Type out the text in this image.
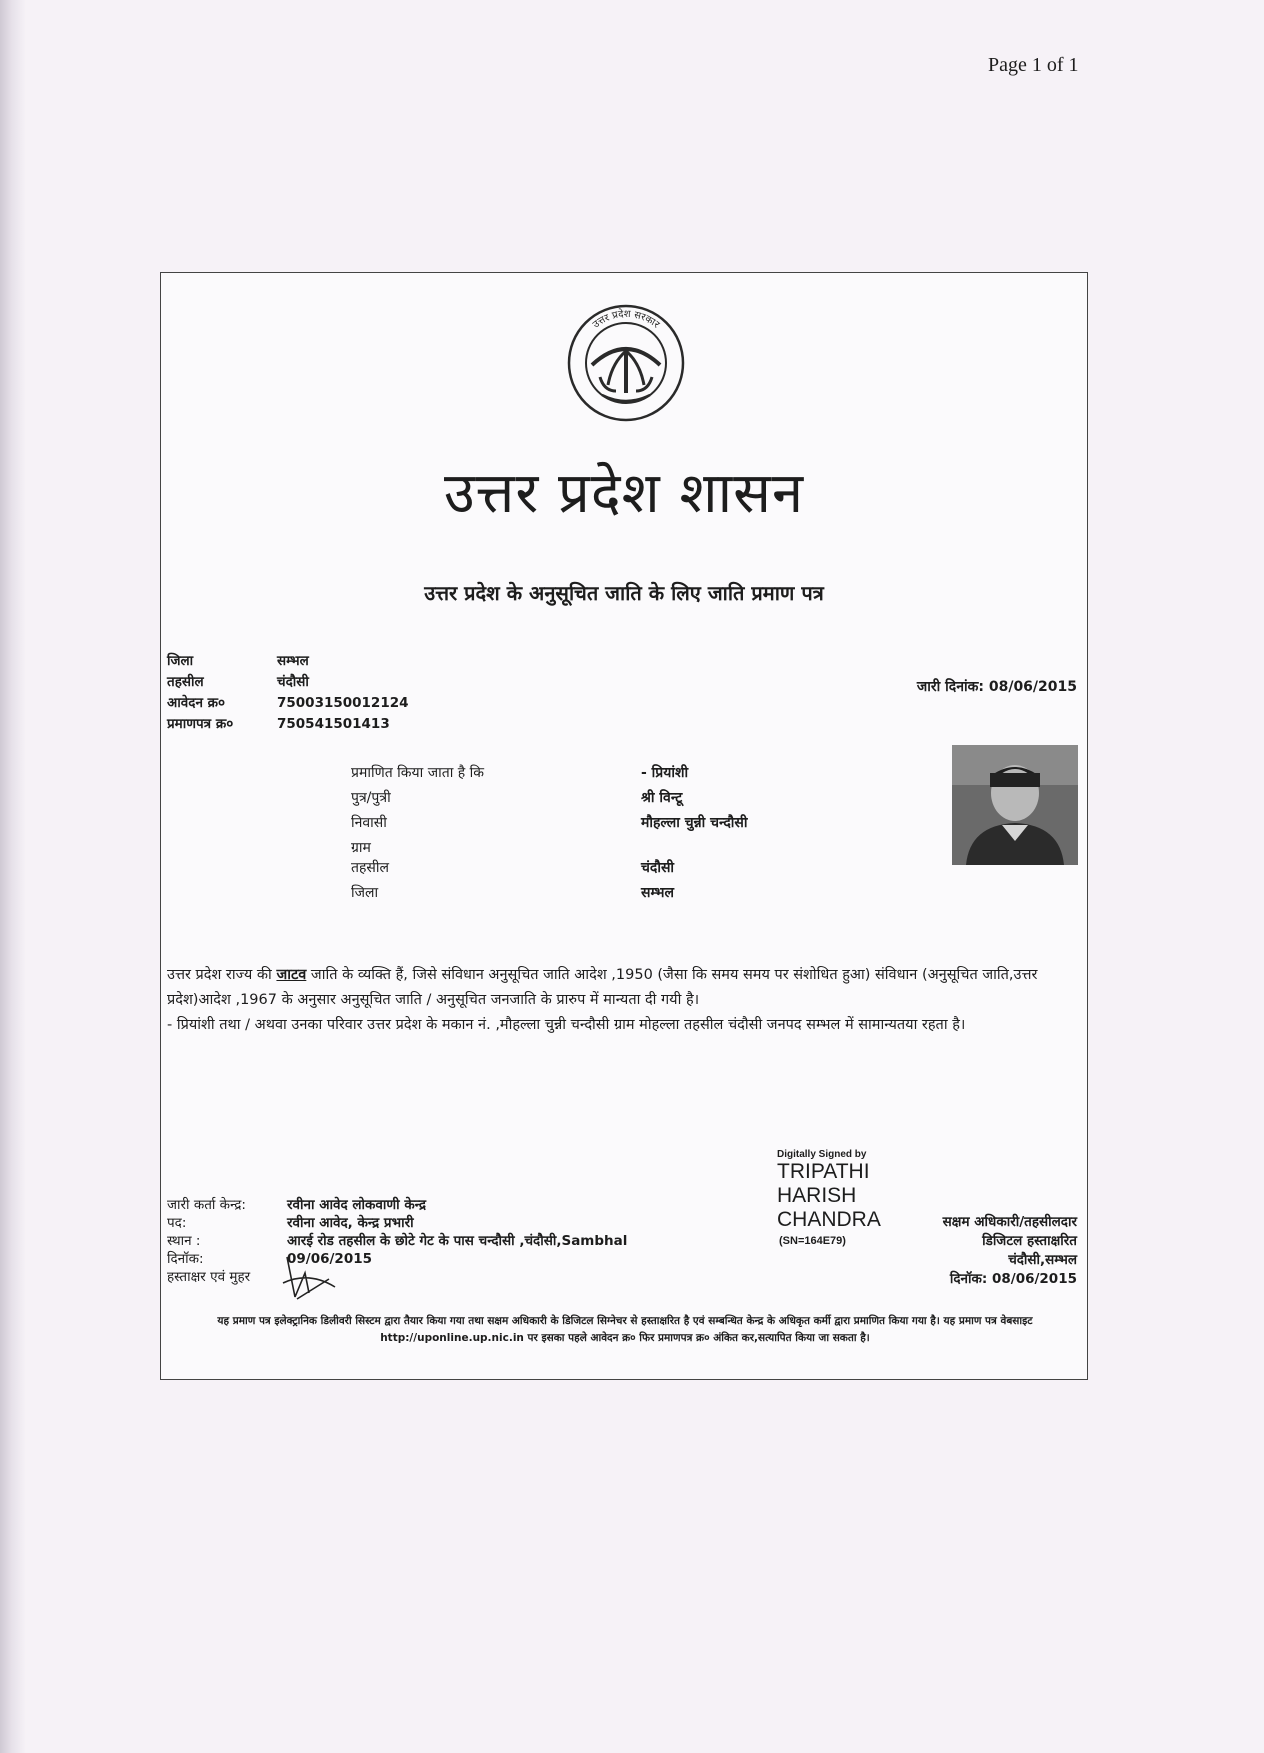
Page 1 of 1
उत्तर प्रदेश सरकार
उत्तर प्रदेश शासन
उत्तर प्रदेश के अनुसूचित जाति के लिए जाति प्रमाण पत्र
जिला	सम्भल
तहसील	चंदौसी
आवेदन क्र०	75003150012124
प्रमाणपत्र क्र०	750541501413
जारी दिनांक: 08/06/2015
प्रमाणित किया जाता है कि	- प्रियांशी
पुत्र/पुत्री	श्री विन्टू
निवासी	मौहल्ला चुन्नी चन्दौसी
ग्राम
तहसील	चंदौसी
जिला	सम्भल

उत्तर प्रदेश राज्य की जाटव जाति के व्यक्ति हैं, जिसे संविधान अनुसूचित जाति आदेश ,1950 (जैसा कि समय समय पर संशोधित हुआ) संविधान (अनुसूचित जाति,उत्तर प्रदेश)आदेश ,1967 के अनुसार अनुसूचित जाति / अनुसूचित जनजाति के प्रारुप में मान्यता दी गयी है।

- प्रियांशी तथा / अथवा उनका परिवार उत्तर प्रदेश के मकान नं. ,मौहल्ला चुन्नी चन्दौसी ग्राम मोहल्ला तहसील चंदौसी जनपद सम्भल में सामान्यतया रहता है।

Digitally Signed by
TRIPATHI
HARISH
CHANDRA
जारी कर्ता केन्द्र:	रवीना आवेद लोकवाणी केन्द्र
पद:	रवीना आवेद, केन्द्र प्रभारी
स्थान :	आरई रोड तहसील के छोटे गेट के पास चन्दौसी ,चंदौसी,Sambhal
दिनॉक:	09/06/2015
हस्ताक्षर एवं मुहर
(SN=164E79)
सक्षम अधिकारी/तहसीलदार
डिजिटल हस्ताक्षरित
चंदौसी,सम्भल
दिनॉक: 08/06/2015
यह प्रमाण पत्र इलेक्ट्रानिक डिलीवरी सिस्टम द्वारा तैयार किया गया तथा सक्षम अधिकारी के डिजिटल सिग्नेचर से हस्ताक्षरित है एवं सम्बन्धित केन्द्र के अधिकृत कर्मी द्वारा प्रमाणित किया गया है। यह प्रमाण पत्र वेबसाइट http://uponline.up.nic.in पर इसका पहले आवेदन क्र० फिर प्रमाणपत्र क्र० अंकित कर,सत्यापित किया जा सकता है।
